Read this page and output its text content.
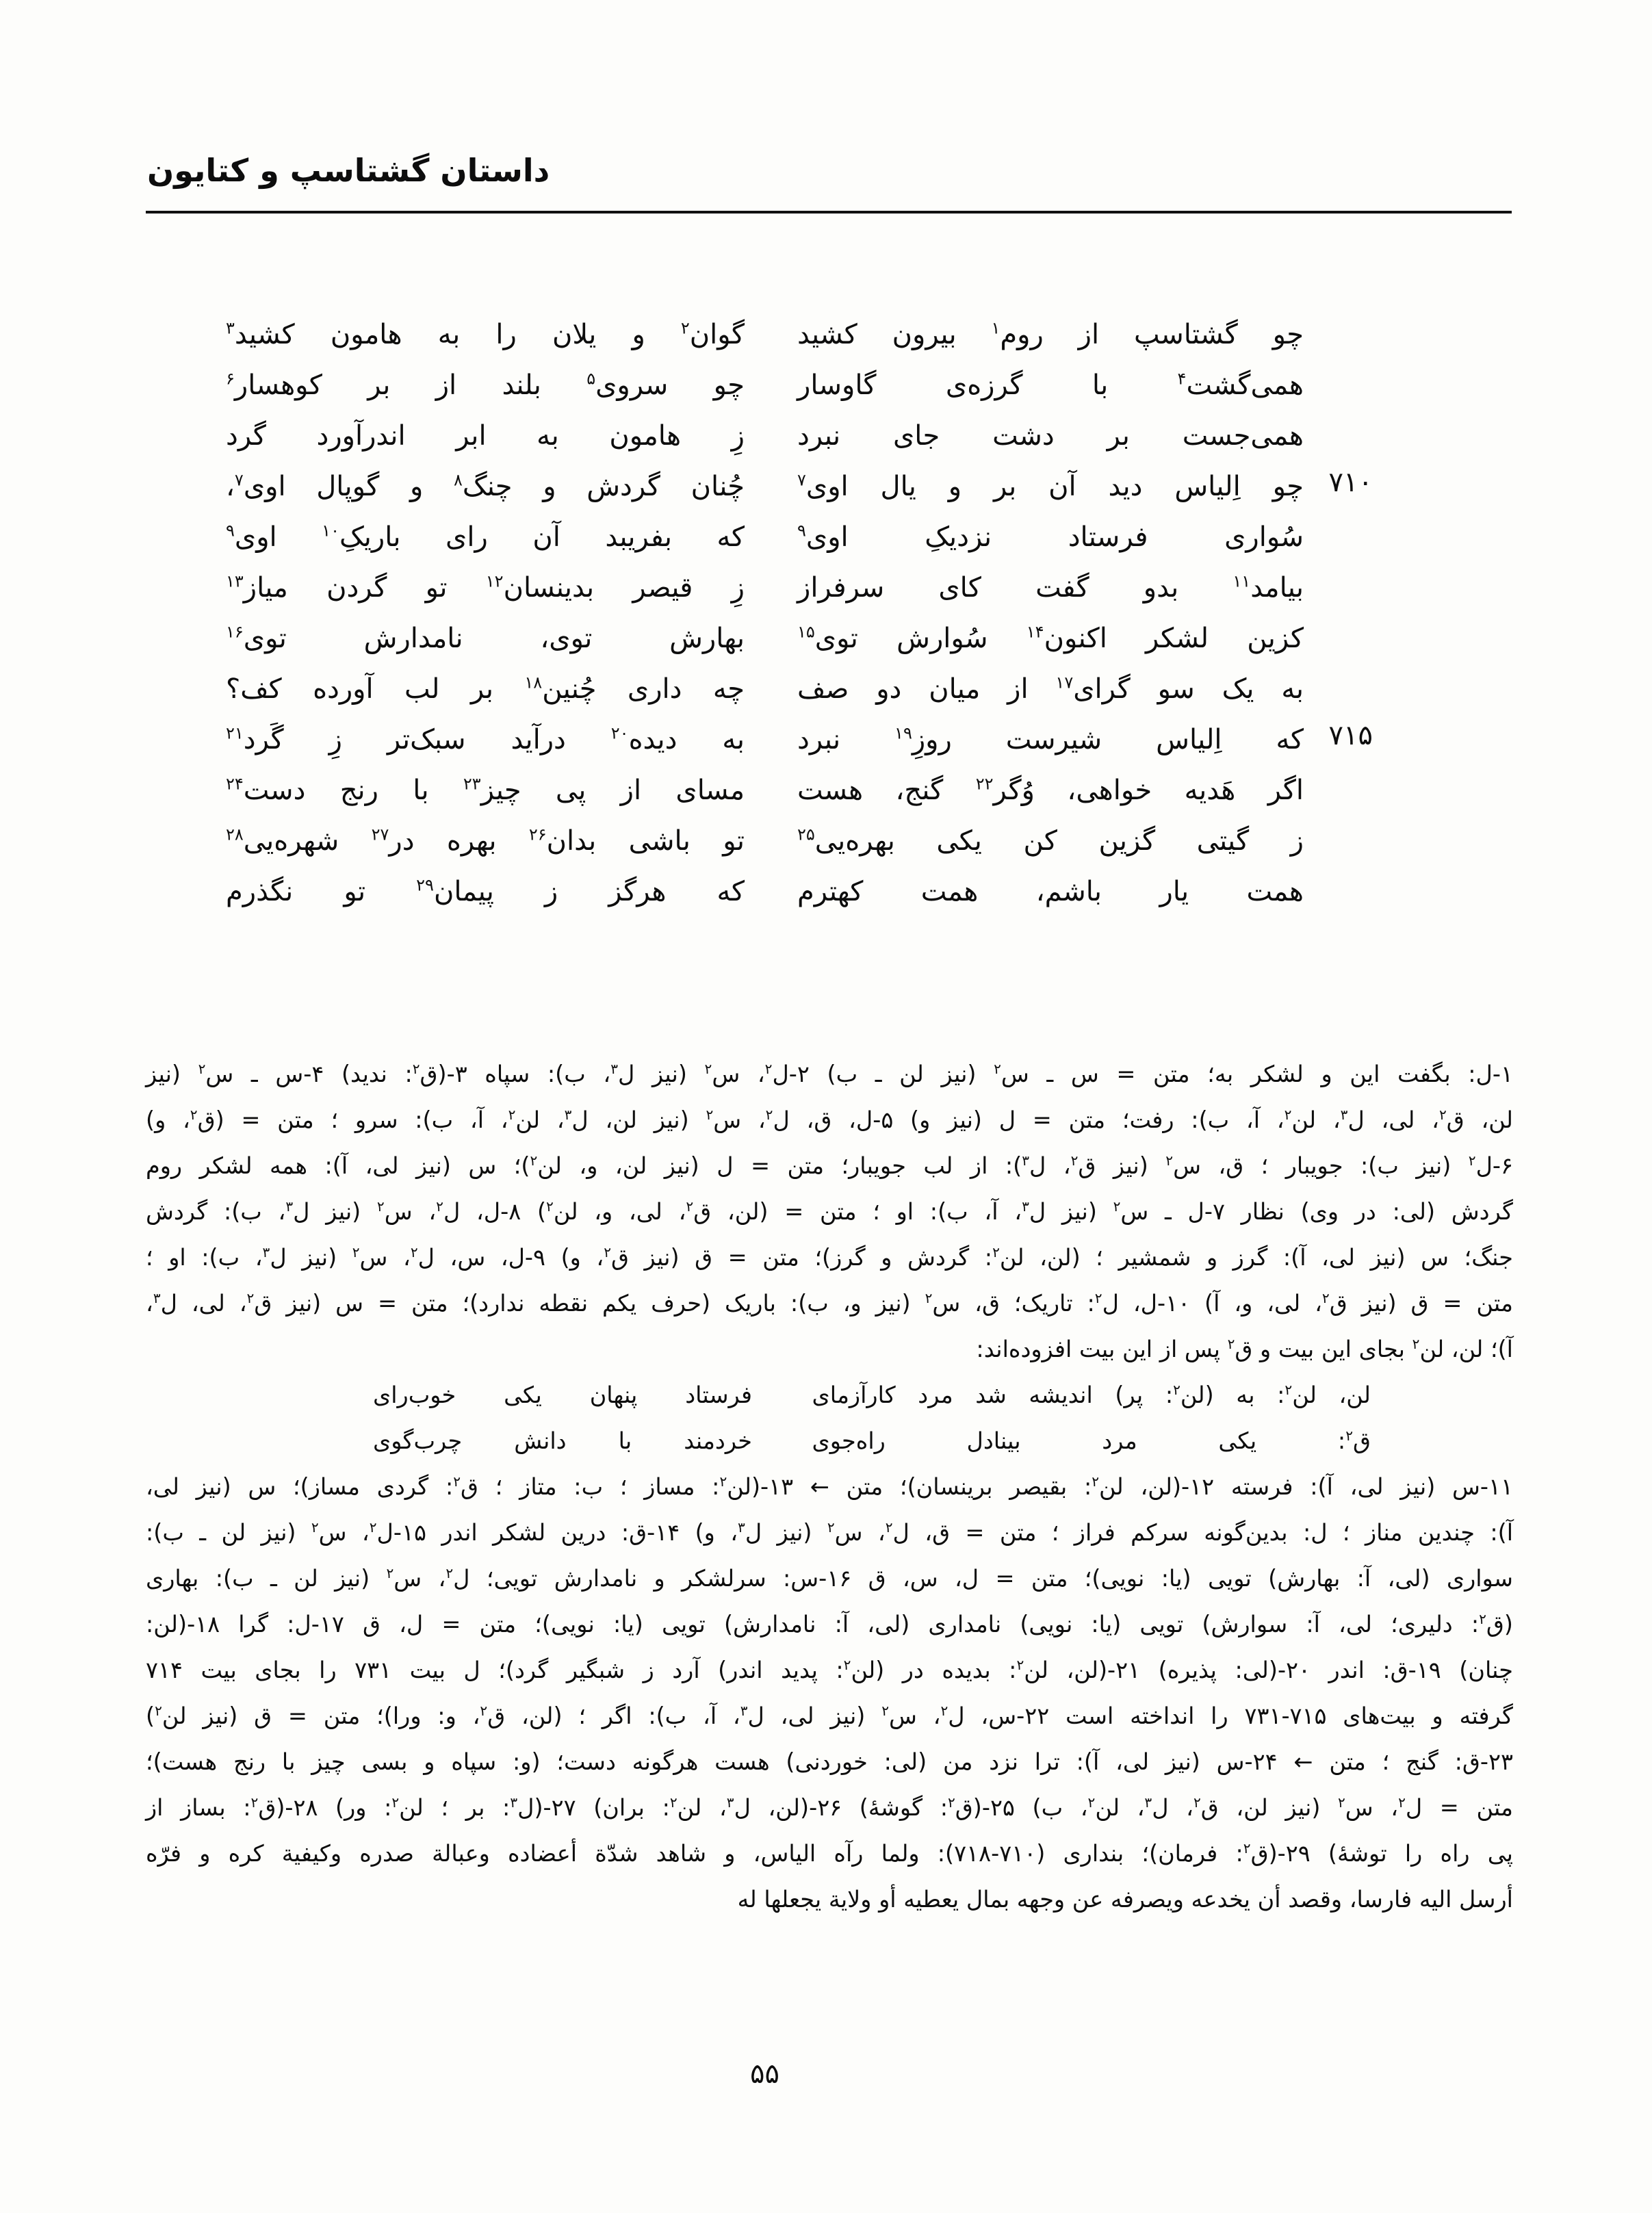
داستان گشتاسپ و کتایون
چو گشتاسپ از روم$^۱$ بیرون کشید
گوان$^۲$ و یلان را به هامون کشید$^۳$
همی‌گشت$^۴$ با گرزه‌ی گاوسار
چو سروی$^۵$ بلند از بر کوهسار$^۶$
همی‌جست بر دشت جای نبرد
زِ هامون به ابر اندرآورد گرد
۷۱۰
چو اِلیاس دید آن بر و یال اوی$^۷$
چُنان گردش و چنگ$^۸$ و گوپال اوی$^۷$،
سُواری فرستاد نزدیکِ اوی$^۹$
که بفریبد آن رای باریکِ$^{۱۰}$ اوی$^۹$
بیامد$^{۱۱}$ بدو گفت کای سرفراز
زِ قیصر بدینسان$^{۱۲}$ تو گردن میاز$^{۱۳}$
کزین لشکر اکنون$^{۱۴}$ سُوارش توی$^{۱۵}$
بهارش توی، نامدارش توی$^{۱۶}$
به یک سو گرای$^{۱۷}$ از میان دو صف
چه داری چُنین$^{۱۸}$ بر لب آورده کف؟
۷۱۵
که اِلیاس شیرست روزِ$^{۱۹}$ نبرد
به دیده$^{۲۰}$ درآید سبک‌تر زِ گَرد$^{۲۱}$
اگر هَدیه خواهی، وُگر$^{۲۲}$ گنج، هست
مسای از پی چیز$^{۲۳}$ با رنج دست$^{۲۴}$
ز گیتی گزین کن یکی بهره‌یی$^{۲۵}$
تو باشی بدان$^{۲۶}$ بهره در$^{۲۷}$ شهره‌یی$^{۲۸}$
همت یار باشم، همت کهترم
که هرگز ز پیمان$^{۲۹}$ تو نگذرم
۱-ل: بگفت این و لشکر به؛ متن = س ـ س$^۲$ (نیز لن ـ ب) ۲-ل$^۲$، س$^۲$ (نیز ل$^۳$، ب): سپاه ۳-(ق$^۲$: ندید) ۴-س ـ س$^۲$ (نیز
لن، ق$^۲$، لی، ل$^۳$، لن$^۲$، آ، ب): رفت؛ متن = ل (نیز و) ۵-ل، ق، ل$^۲$، س$^۲$ (نیز لن، ل$^۳$، لن$^۲$، آ، ب): سرو ؛ متن = (ق$^۲$، و)
۶-ل$^۲$ (نیز ب): جویبار ؛ ق، س$^۲$ (نیز ق$^۲$، ل$^۳$): از لب جویبار؛ متن = ل (نیز لن، و، لن$^۲$)؛ س (نیز لی، آ): همه لشکر روم
گردش (لی: در وی) نظار ۷-ل ـ س$^۲$ (نیز ل$^۳$، آ، ب): او ؛ متن = (لن، ق$^۲$، لی، و، لن$^۲$) ۸-ل، ل$^۲$، س$^۲$ (نیز ل$^۳$، ب): گردش
جنگ؛ س (نیز لی، آ): گرز و شمشیر ؛ (لن، لن$^۲$: گردش و گرز)؛ متن = ق (نیز ق$^۲$، و) ۹-ل، س، ل$^۲$، س$^۲$ (نیز ل$^۳$، ب): او ؛
متن = ق (نیز ق$^۲$، لی، و، آ) ۱۰-ل، ل$^۲$: تاریک؛ ق، س$^۲$ (نیز و، ب): باریک (حرف یکم نقطه ندارد)؛ متن = س (نیز ق$^۲$، لی، ل$^۳$،
آ)؛ لن، لن$^۲$ بجای این بیت و ق$^۲$ پس از این بیت افزوده‌اند:
لن، لن$^۲$: به (لن$^۲$: پر) اندیشه شد مرد کارآزمای
فرستاد پنهان یکی خوب‌رای
ق$^۲$: یکی مرد بینادل راه‌جوی
خردمند با دانش چرب‌گوی
۱۱-س (نیز لی، آ): فرسته ۱۲-(لن، لن$^۲$: بقیصر برینسان)؛ متن ← ۱۳-(لن$^۲$: مساز ؛ ب: متاز ؛ ق$^۲$: گردی مساز)؛ س (نیز لی،
آ): چندین مناز ؛ ل: بدین‌گونه سرکم فراز ؛ متن = ق، ل$^۲$، س$^۲$ (نیز ل$^۳$، و) ۱۴-ق: درین لشکر اندر ۱۵-ل$^۲$، س$^۲$ (نیز لن ـ ب):
سواری (لی، آ: بهارش) تویی (یا: نویی)؛ متن = ل، س، ق ۱۶-س: سرلشکر و نامدارش تویی؛ ل$^۲$، س$^۲$ (نیز لن ـ ب): بهاری
(ق$^۲$: دلیری؛ لی، آ: سوارش) تویی (یا: نویی) نامداری (لی، آ: نامدارش) تویی (یا: نویی)؛ متن = ل، ق ۱۷-ل: گرا ۱۸-(لن:
چنان) ۱۹-ق: اندر ۲۰-(لی: پذیره) ۲۱-(لن، لن$^۲$: بدیده در (لن$^۲$: پدید اندر) آرد ز شبگیر گرد)؛ ل بیت ۷۳۱ را بجای بیت ۷۱۴
گرفته و بیت‌های ۷۱۵-۷۳۱ را انداخته است ۲۲-س، ل$^۲$، س$^۲$ (نیز لی، ل$^۳$، آ، ب): اگر ؛ (لن، ق$^۲$، و: ورا)؛ متن = ق (نیز لن$^۲$)
۲۳-ق: گنج ؛ متن ← ۲۴-س (نیز لی، آ): ترا نزد من (لی: خوردنی) هست هرگونه دست؛ (و: سپاه و بسی چیز با رنج هست)؛
متن = ل$^۲$، س$^۲$ (نیز لن، ق$^۲$، ل$^۳$، لن$^۲$، ب) ۲۵-(ق$^۲$: گوشهٔ) ۲۶-(لن، ل$^۳$، لن$^۲$: بران) ۲۷-(ل$^۳$: بر ؛ لن$^۲$: ور) ۲۸-(ق$^۲$: بساز از
پی راه را توشهٔ) ۲۹-(ق$^۲$: فرمان)؛ بنداری (۷۱۰-۷۱۸): ولما رآه الیاس، و شاهد شدّة أعضاده وعبالة صدره وكيفية كره و فرّه
أرسل الیه فارسا، وقصد أن یخدعه ویصرفه عن وجهه بمال یعطیه أو ولایة یجعلها له
۵۵
